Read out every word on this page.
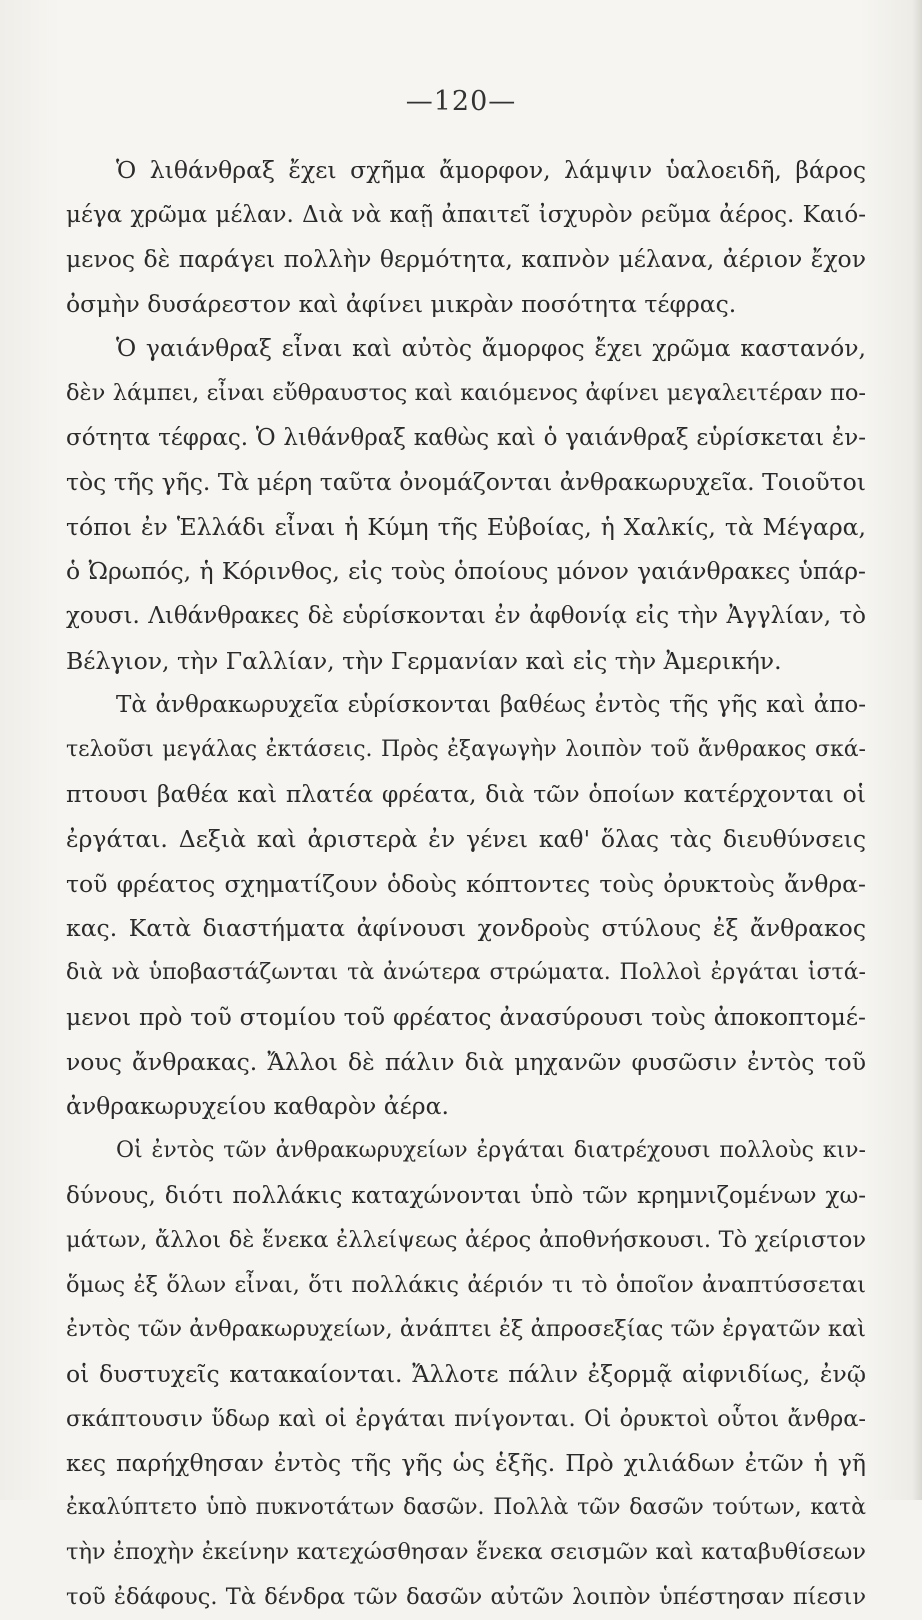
—120—
Ὁ λιθάνθραξ ἔχει σχῆμα ἄμορφον, λάμψιν ὑαλοειδῆ, βάρος
μέγα χρῶμα μέλαν. Διὰ νὰ καῇ ἀπαιτεῖ ἰσχυρὸν ρεῦμα ἀέρος. Καιό-
μενος δὲ παράγει πολλὴν θερμότητα, καπνὸν μέλανα, ἀέριον ἔχον
ὀσμὴν δυσάρεστον καὶ ἀφίνει μικρὰν ποσότητα τέφρας.
Ὁ γαιάνθραξ εἶναι καὶ αὐτὸς ἄμορφος ἔχει χρῶμα καστανόν,
δὲν λάμπει, εἶναι εὔθραυστος καὶ καιόμενος ἀφίνει μεγαλειτέραν πο-
σότητα τέφρας. Ὁ λιθάνθραξ καθὼς καὶ ὁ γαιάνθραξ εὑρίσκεται ἐν-
τὸς τῆς γῆς. Τὰ μέρη ταῦτα ὀνομάζονται ἀνθρακωρυχεῖα. Τοιοῦτοι
τόποι ἐν Ἑλλάδι εἶναι ἡ Κύμη τῆς Εὐβοίας, ἡ Χαλκίς, τὰ Μέγαρα,
ὁ Ὠρωπός, ἡ Κόρινθος, εἰς τοὺς ὁποίους μόνον γαιάνθρακες ὑπάρ-
χουσι. Λιθάνθρακες δὲ εὑρίσκονται ἐν ἀφθονίᾳ εἰς τὴν Ἀγγλίαν, τὸ
Βέλγιον, τὴν Γαλλίαν, τὴν Γερμανίαν καὶ εἰς τὴν Ἀμερικήν.
Τὰ ἀνθρακωρυχεῖα εὑρίσκονται βαθέως ἐντὸς τῆς γῆς καὶ ἀπο-
τελοῦσι μεγάλας ἐκτάσεις. Πρὸς ἐξαγωγὴν λοιπὸν τοῦ ἄνθρακος σκά-
πτουσι βαθέα καὶ πλατέα φρέατα, διὰ τῶν ὁποίων κατέρχονται οἱ
ἐργάται. Δεξιὰ καὶ ἀριστερὰ ἐν γένει καθ' ὅλας τὰς διευθύνσεις
τοῦ φρέατος σχηματίζουν ὁδοὺς κόπτοντες τοὺς ὀρυκτοὺς ἄνθρα-
κας. Κατὰ διαστήματα ἀφίνουσι χονδροὺς στύλους ἐξ ἄνθρακος
διὰ νὰ ὑποβαστάζωνται τὰ ἀνώτερα στρώματα. Πολλοὶ ἐργάται ἱστά-
μενοι πρὸ τοῦ στομίου τοῦ φρέατος ἀνασύρουσι τοὺς ἀποκοπτομέ-
νους ἄνθρακας. Ἄλλοι δὲ πάλιν διὰ μηχανῶν φυσῶσιν ἐντὸς τοῦ
ἀνθρακωρυχείου καθαρὸν ἀέρα.
Οἱ ἐντὸς τῶν ἀνθρακωρυχείων ἐργάται διατρέχουσι πολλοὺς κιν-
δύνους, διότι πολλάκις καταχώνονται ὑπὸ τῶν κρημνιζομένων χω-
μάτων, ἄλλοι δὲ ἕνεκα ἐλλείψεως ἀέρος ἀποθνήσκουσι. Τὸ χείριστον
ὅμως ἐξ ὅλων εἶναι, ὅτι πολλάκις ἀέριόν τι τὸ ὁποῖον ἀναπτύσσεται
ἐντὸς τῶν ἀνθρακωρυχείων, ἀνάπτει ἐξ ἀπροσεξίας τῶν ἐργατῶν καὶ
οἱ δυστυχεῖς κατακαίονται. Ἄλλοτε πάλιν ἐξορμᾷ αἰφνιδίως, ἐνῷ
σκάπτουσιν ὕδωρ καὶ οἱ ἐργάται πνίγονται. Οἱ ὀρυκτοὶ οὗτοι ἄνθρα-
κες παρήχθησαν ἐντὸς τῆς γῆς ὡς ἑξῆς. Πρὸ χιλιάδων ἐτῶν ἡ γῆ
ἐκαλύπτετο ὑπὸ πυκνοτάτων δασῶν. Πολλὰ τῶν δασῶν τούτων, κατὰ
τὴν ἐποχὴν ἐκείνην κατεχώσθησαν ἕνεκα σεισμῶν καὶ καταβυθίσεων
τοῦ ἐδάφους. Τὰ δένδρα τῶν δασῶν αὐτῶν λοιπὸν ὑπέστησαν πίεσιν
